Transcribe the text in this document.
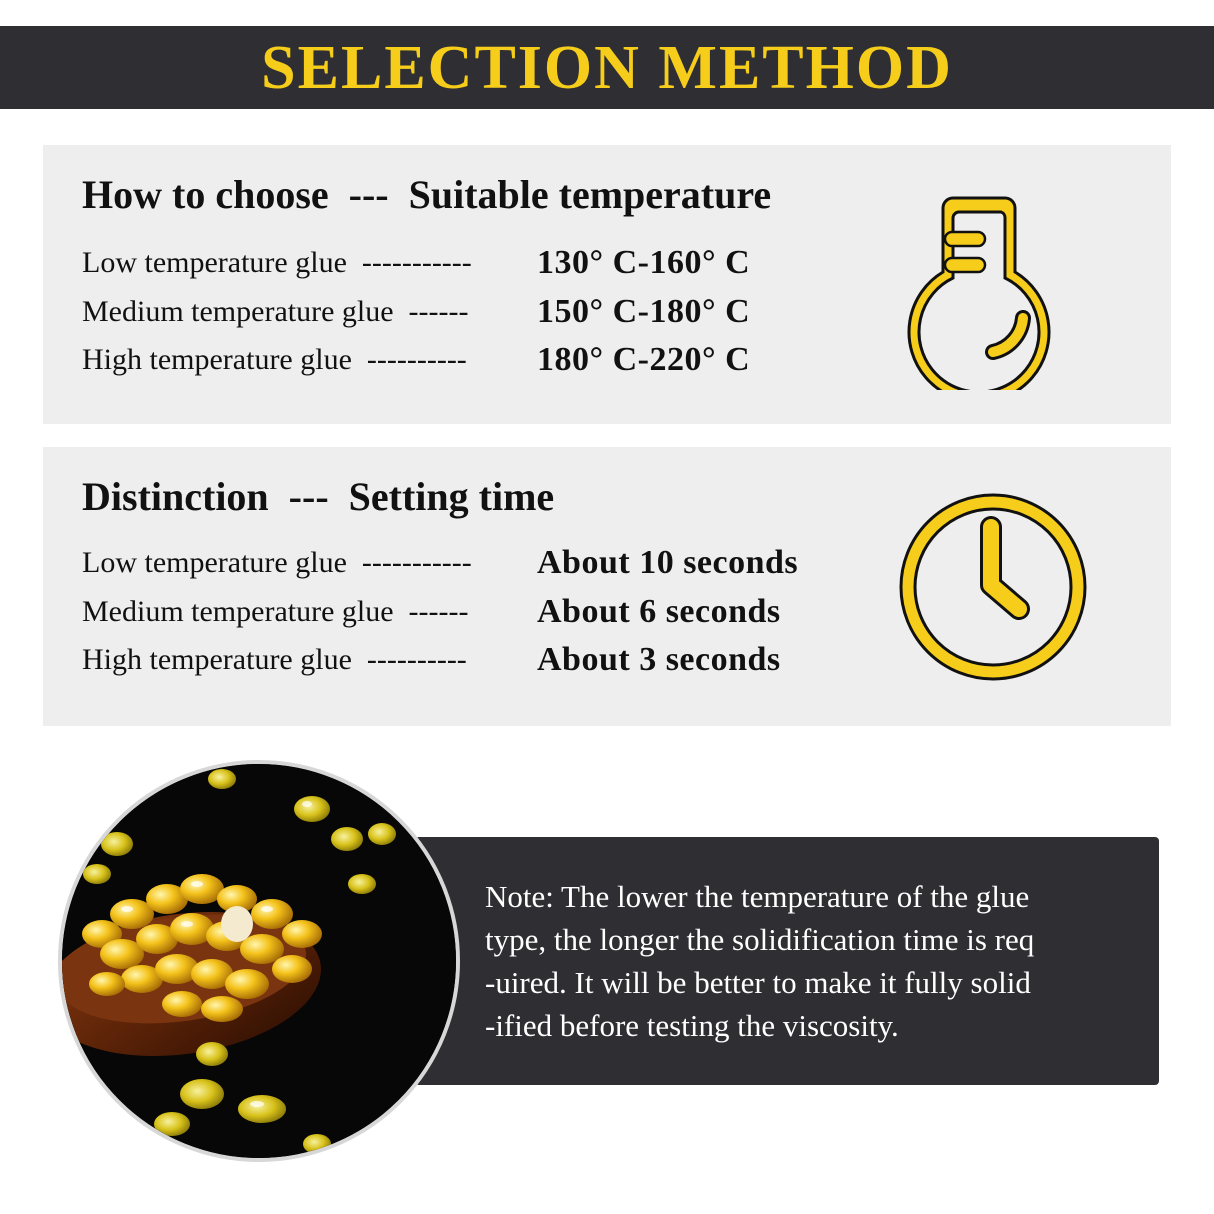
SELECTION METHOD
How to choose  ---  Suitable temperature
Low temperature glue  ----------- 130° C-160° C
Medium temperature glue  ------ 150° C-180° C
High temperature glue  ---------- 180° C-220° C
Distinction  ---  Setting time
Low temperature glue  ----------- About 10 seconds
Medium temperature glue  ------ About 6 seconds
High temperature glue  ---------- About 3 seconds

Note: The lower the temperature of the glue
type, the longer the solidification time is req
-uired. It will be better to make it fully solid
-ified before testing the viscosity.
